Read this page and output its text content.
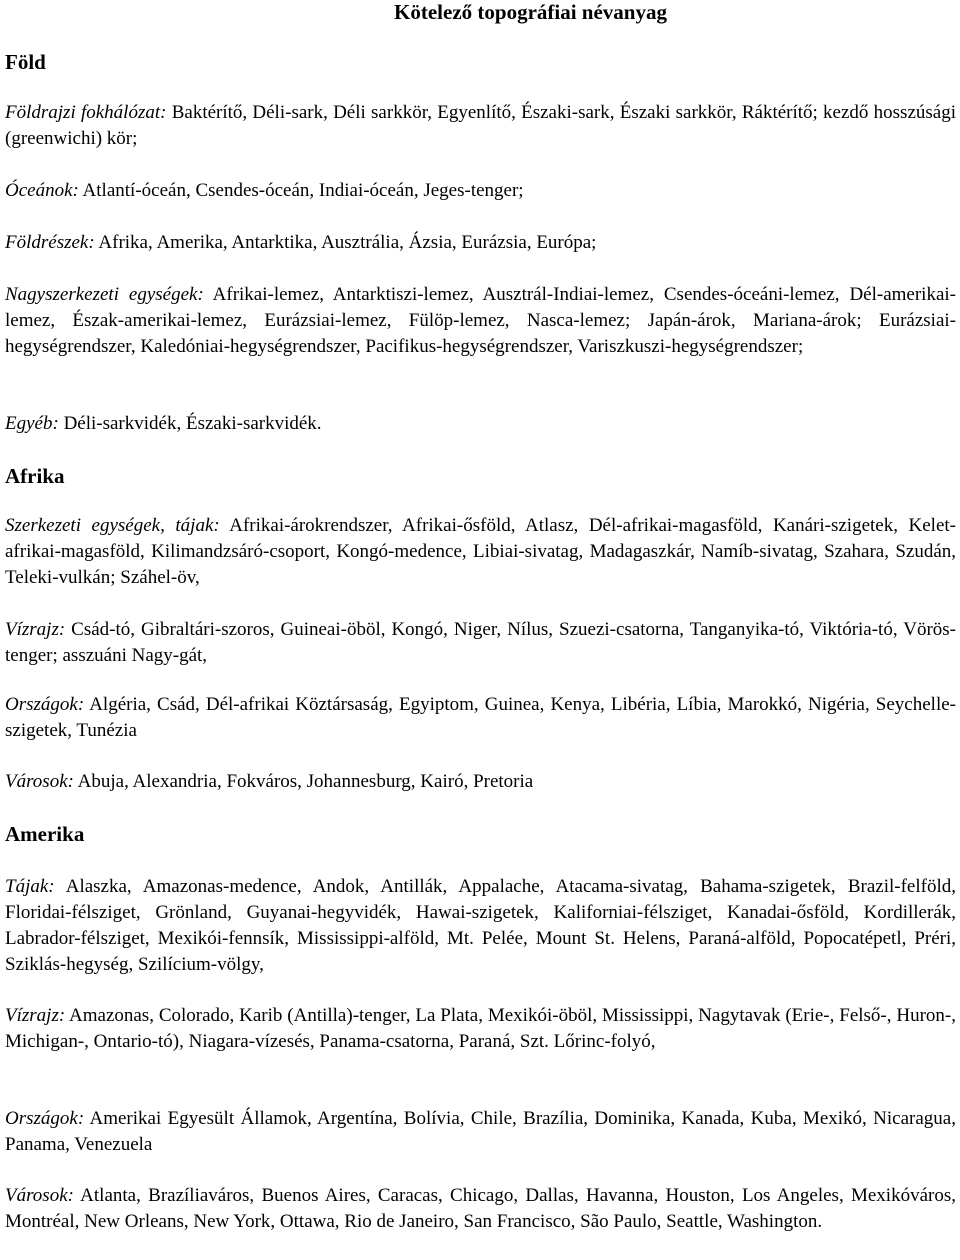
Kötelező topográfiai névanyag
Föld

Földrajzi fokhálózat: Baktérítő, Déli-sark, Déli sarkkör, Egyenlítő, Északi-sark, Északi sarkkör, Ráktérítő; kezdő hosszúsági (greenwichi) kör;

Óceánok: Atlantí-óceán, Csendes-óceán, Indiai-óceán, Jeges-tenger;

Földrészek: Afrika, Amerika, Antarktika, Ausztrália, Ázsia, Eurázsia, Európa;

Nagyszerkezeti egységek: Afrikai-lemez, Antarktiszi-lemez, Ausztrál-Indiai-lemez, Csendes-óceáni-lemez, Dél-amerikai-lemez, Észak-amerikai-lemez, Eurázsiai-lemez, Fülöp-lemez, Nasca-lemez; Japán-árok, Mariana-árok; Eurázsiai-hegységrendszer, Kaledóniai-hegységrendszer, Pacifikus-hegységrendszer, Variszkuszi-hegységrendszer;

Egyéb: Déli-sarkvidék, Északi-sarkvidék.

Afrika

Szerkezeti egységek, tájak: Afrikai-árokrendszer, Afrikai-ősföld, Atlasz, Dél-afrikai-magasföld, Kanári-szigetek, Kelet-afrikai-magasföld, Kilimandzsáró-csoport, Kongó-medence, Libiai-sivatag, Madagaszkár, Namíb-sivatag, Szahara, Szudán, Teleki-vulkán; Száhel-öv,

Vízrajz: Csád-tó, Gibraltári-szoros, Guineai-öböl, Kongó, Niger, Nílus, Szuezi-csatorna, Tanganyika-tó, Viktória-tó, Vörös-tenger; asszuáni Nagy-gát,

Országok: Algéria, Csád, Dél-afrikai Köztársaság, Egyiptom, Guinea, Kenya, Libéria, Líbia, Marokkó, Nigéria, Seychelle-szigetek, Tunézia

Városok: Abuja, Alexandria, Fokváros, Johannesburg, Kairó, Pretoria

Amerika

Tájak: Alaszka, Amazonas-medence, Andok, Antillák, Appalache, Atacama-sivatag, Bahama-szigetek, Brazil-felföld, Floridai-félsziget, Grönland, Guyanai-hegyvidék, Hawai-szigetek, Kaliforniai-félsziget, Kanadai-ősföld, Kordillerák, Labrador-félsziget, Mexikói-fennsík, Mississippi-alföld, Mt. Pelée, Mount St. Helens, Paraná-alföld, Popocatépetl, Préri, Sziklás-hegység, Szilícium-völgy,

Vízrajz: Amazonas, Colorado, Karib (Antilla)-tenger, La Plata, Mexikói-öböl, Mississippi, Nagytavak (Erie-, Felső-, Huron-, Michigan-, Ontario-tó), Niagara-vízesés, Panama-csatorna, Paraná, Szt. Lőrinc-folyó,

Országok: Amerikai Egyesült Államok, Argentína, Bolívia, Chile, Brazília, Dominika, Kanada, Kuba, Mexikó, Nicaragua, Panama, Venezuela

Városok: Atlanta, Brazíliaváros, Buenos Aires, Caracas, Chicago, Dallas, Havanna, Houston, Los Angeles, Mexikóváros, Montréal, New Orleans, New York, Ottawa, Rio de Janeiro, San Francisco, São Paulo, Seattle, Washington.
